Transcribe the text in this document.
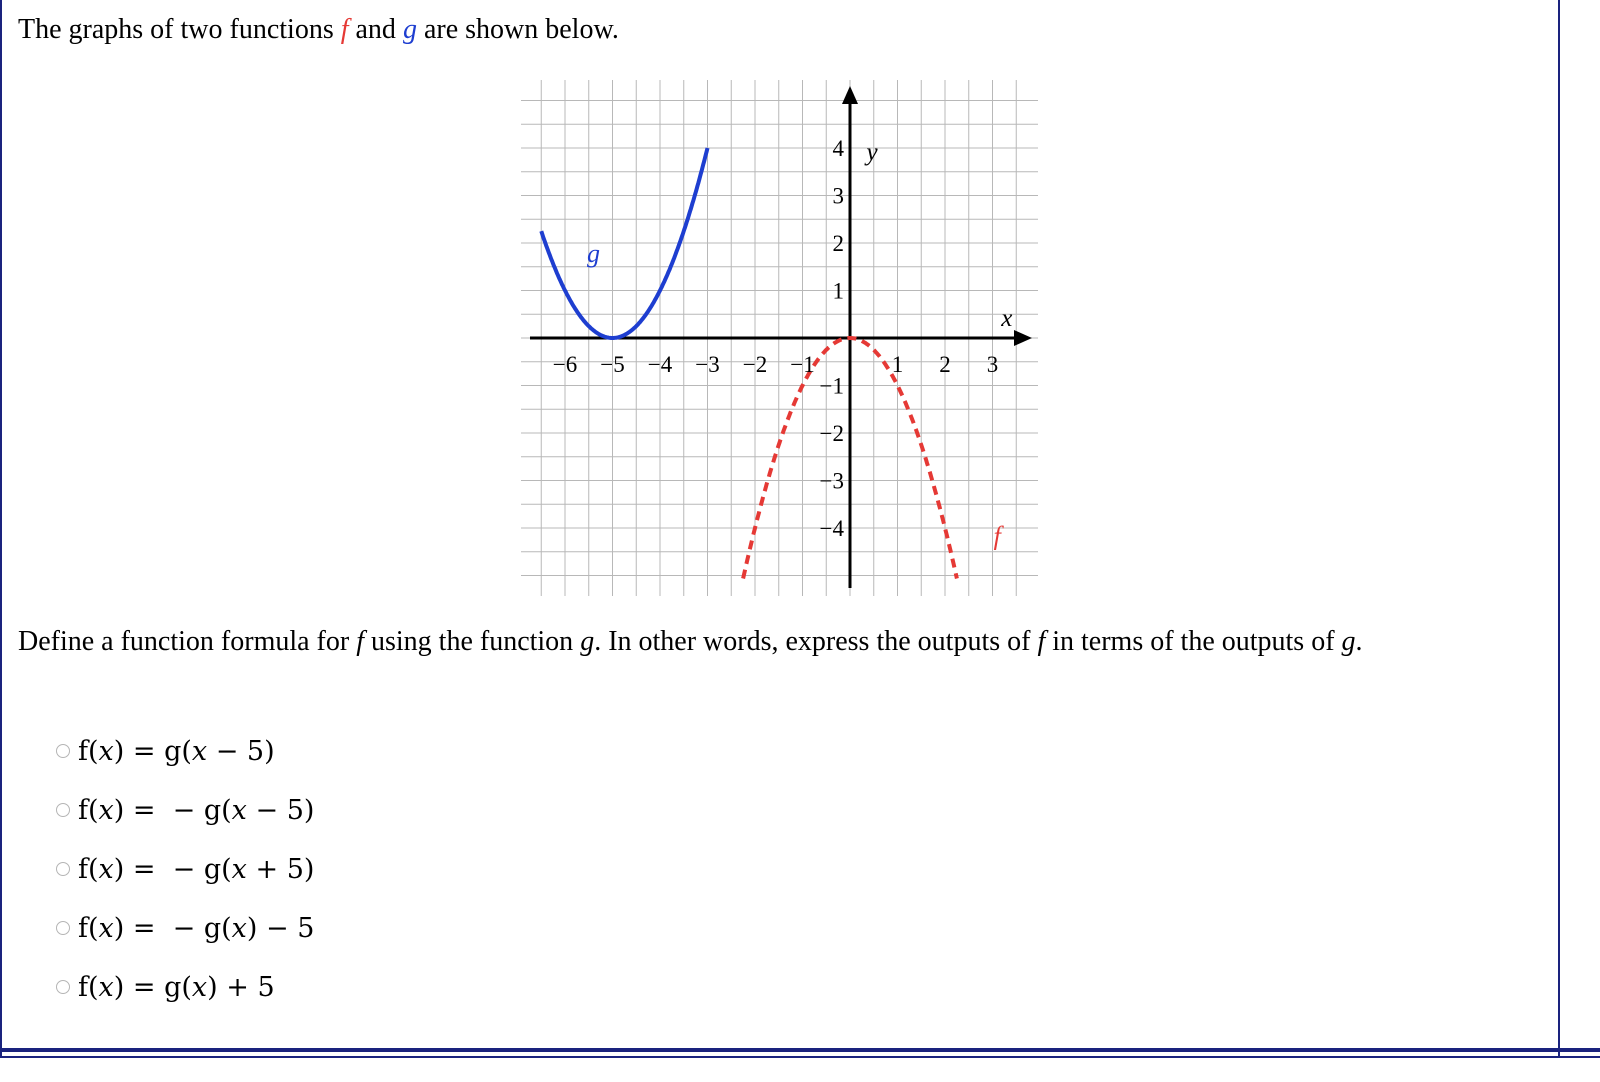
The graphs of two functions f and g are shown below.
−6 −5 −4 −3 −2 −1	1 2 3
4
3
2
1
−1
−2
−3
−4
x
y
g
f
Define a function formula for f using the function g. In other words, express the outputs of f in terms of the outputs of g.
f(𝑥) = g(𝑥 − 5)
f(𝑥) =  − g(𝑥 − 5)
f(𝑥) =  − g(𝑥 + 5)
f(𝑥) =  − g(𝑥) − 5
f(𝑥) = g(𝑥) + 5
